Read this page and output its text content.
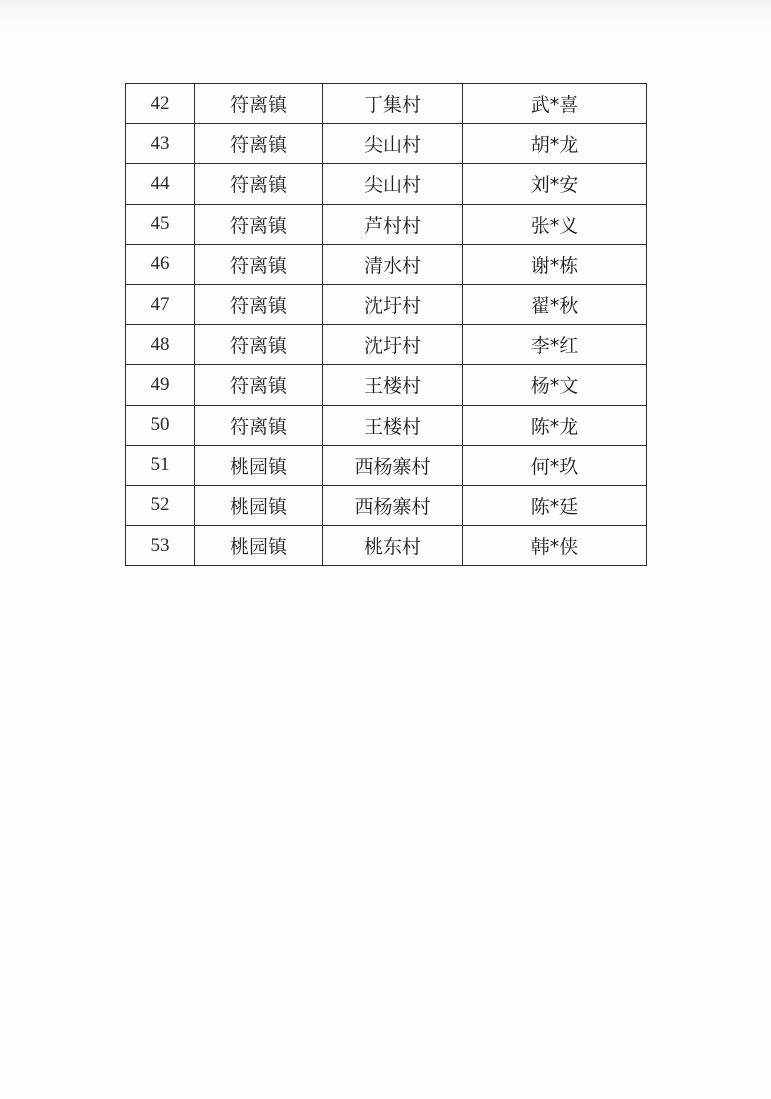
42	符离镇	丁集村	武*喜
43	符离镇	尖山村	胡*龙
44	符离镇	尖山村	刘*安
45	符离镇	芦村村	张*义
46	符离镇	清水村	谢*栋
47	符离镇	沈圩村	翟*秋
48	符离镇	沈圩村	李*红
49	符离镇	王楼村	杨*文
50	符离镇	王楼村	陈*龙
51	桃园镇	西杨寨村	何*玖
52	桃园镇	西杨寨村	陈*廷
53	桃园镇	桃东村	韩*侠
